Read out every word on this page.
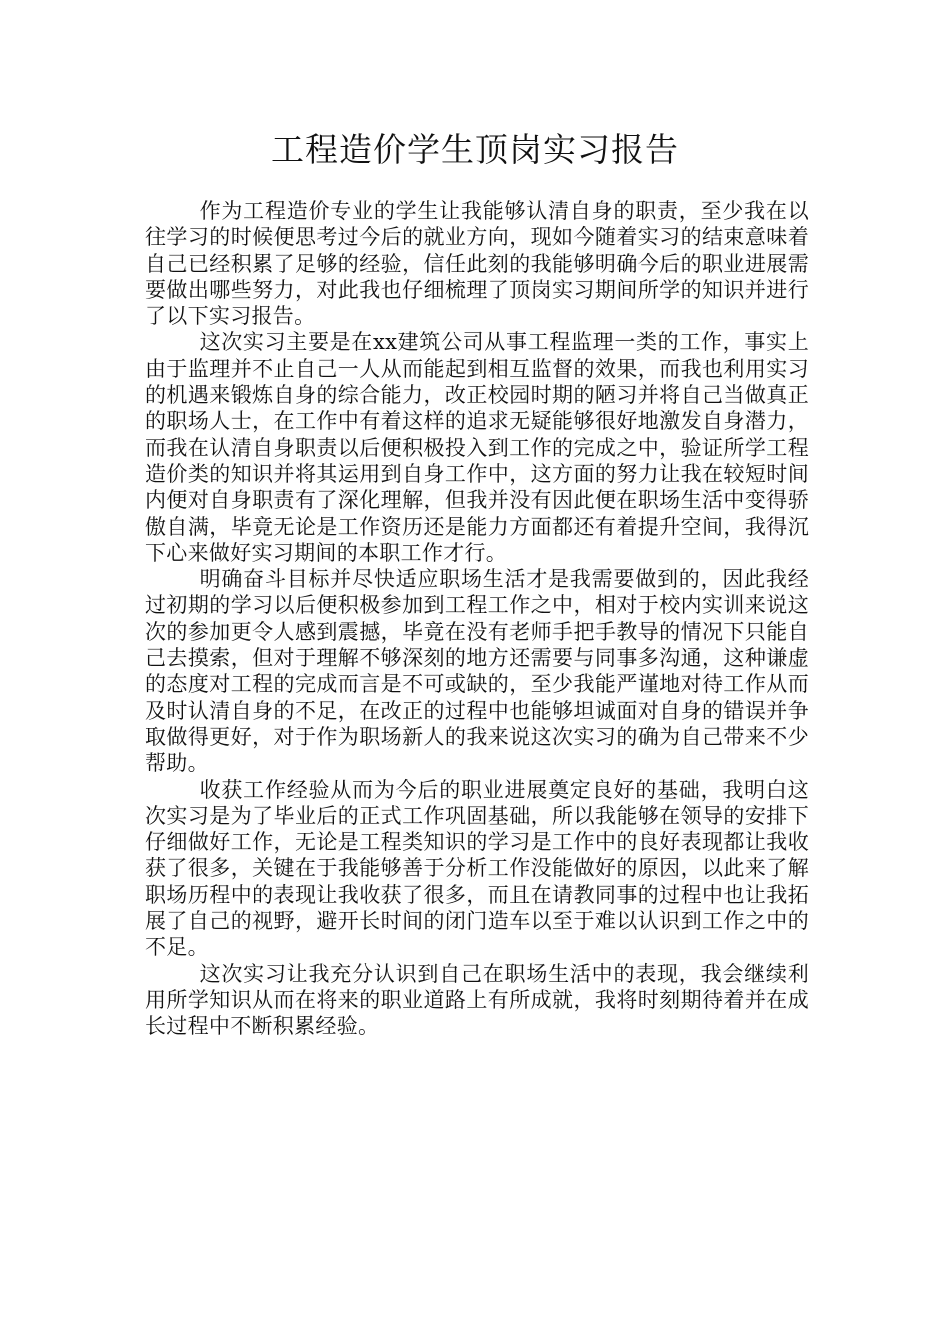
工程造价学生顶岗实习报告

作为工程造价专业的学生让我能够认清自身的职责，至少我在以往学习的时候便思考过今后的就业方向，现如今随着实习的结束意味着自己已经积累了足够的经验，信任此刻的我能够明确今后的职业进展需要做出哪些努力，对此我也仔细梳理了顶岗实习期间所学的知识并进行了以下实习报告。

这次实习主要是在xx建筑公司从事工程监理一类的工作，事实上由于监理并不止自己一人从而能起到相互监督的效果，而我也利用实习的机遇来锻炼自身的综合能力，改正校园时期的陋习并将自己当做真正的职场人士，在工作中有着这样的追求无疑能够很好地激发自身潜力，而我在认清自身职责以后便积极投入到工作的完成之中，验证所学工程造价类的知识并将其运用到自身工作中，这方面的努力让我在较短时间内便对自身职责有了深化理解，但我并没有因此便在职场生活中变得骄傲自满，毕竟无论是工作资历还是能力方面都还有着提升空间，我得沉下心来做好实习期间的本职工作才行。

明确奋斗目标并尽快适应职场生活才是我需要做到的，因此我经过初期的学习以后便积极参加到工程工作之中，相对于校内实训来说这次的参加更令人感到震撼，毕竟在没有老师手把手教导的情况下只能自己去摸索，但对于理解不够深刻的地方还需要与同事多沟通，这种谦虚的态度对工程的完成而言是不可或缺的，至少我能严谨地对待工作从而及时认清自身的不足，在改正的过程中也能够坦诚面对自身的错误并争取做得更好，对于作为职场新人的我来说这次实习的确为自己带来不少帮助。

收获工作经验从而为今后的职业进展奠定良好的基础，我明白这次实习是为了毕业后的正式工作巩固基础，所以我能够在领导的安排下仔细做好工作，无论是工程类知识的学习是工作中的良好表现都让我收获了很多，关键在于我能够善于分析工作没能做好的原因，以此来了解职场历程中的表现让我收获了很多，而且在请教同事的过程中也让我拓展了自己的视野，避开长时间的闭门造车以至于难以认识到工作之中的不足。

这次实习让我充分认识到自己在职场生活中的表现，我会继续利用所学知识从而在将来的职业道路上有所成就，我将时刻期待着并在成长过程中不断积累经验。
